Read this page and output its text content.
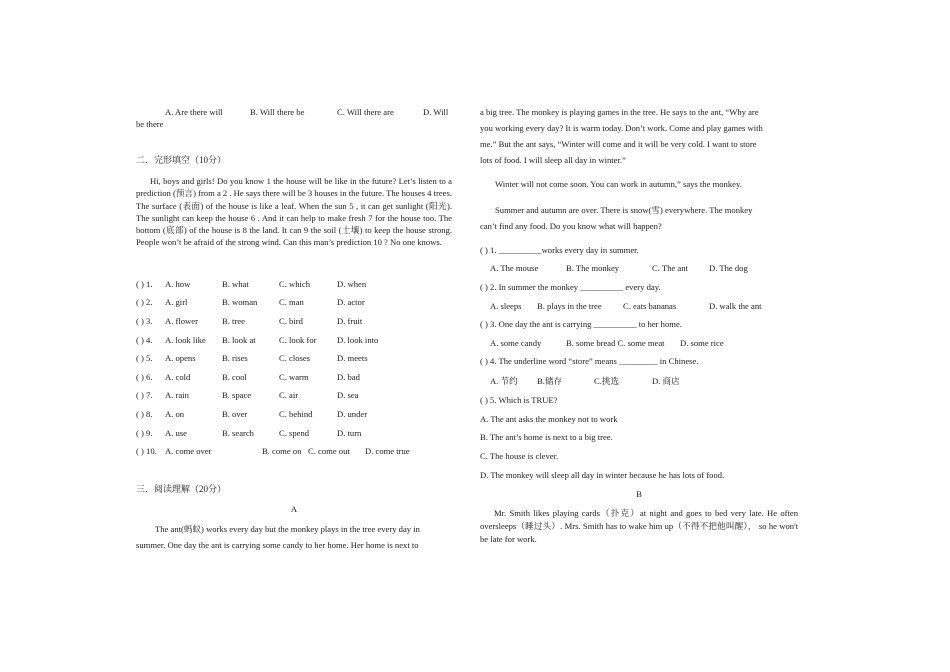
A. Are there will	B. Will there be	C. Will there are	D. Will
be there
二．完形填空（10分）
Hi, boys and girls! Do you know 1 the house will be like in the future? Let’s listen to a prediction (预言) from a 2 . He says there will be 3 houses in the future. The houses 4 trees. The surface (表面) of the house is like a leaf. When the sun 5 , it can get sunlight (阳光). The sunlight can keep the house 6 . And it can help to make fresh 7 for the house too. The bottom (底部) of the house is 8 the land. It can 9 the soil (土壤) to keep the house strong. People won’t be afraid of the strong wind. Can this man’s prediction 10 ? No one knows.
( ) 1. A. how	B. what	C. which	D. when
( ) 2. A. girl	B. woman	C. man	D. actor
( ) 3. A. flower	B. tree	C. bird	D. fruit
( ) 4. A. look like B. look at	C. look for D. look into
( ) 5. A. opens	B. rises	C. closes	D. meets
( ) 6. A. cold	B. cool	C. warm	D. bad
( ) 7. A. rain	B. space	C. air	D. sea
( ) 8. A. on	B. over	C. behind	D. under
( ) 9. A. use	B. search	C. spend	D. turn
( ) 10. A. come over	B. come on C. come out D. come true
三．阅读理解（20分）
A
The ant(蚂蚁) works every day but the monkey plays in the tree every day in
summer. One day the ant is carrying some candy to her home. Her home is next to
a big tree. The monkey is playing games in the tree. He says to the ant, “Why are
you working every day? It is warm today. Don’t work. Come and play games with
me.” But the ant says, “Winter will come and it will be very cold. I want to store
lots of food. I will sleep all day in winter.”
Winter will not come soon. You can work in autumn,” says the monkey.
Summer and autumn are over. There is snow(雪) everywhere. The monkey
can’t find any food. Do you know what will happen?
( ) 1. __________works every day in summer.
A. The mouse	B. The monkey	C. The ant D. The dog
( ) 2. In summer the monkey __________ every day.
A. sleeps B. plays in the tree C. eats bananas	D. walk the ant
( ) 3. One day the ant is carrying __________ to her home.
A. some candy	B. some bread C. some meat D. some rice
( ) 4. The underline word “store” means _________ in Chinese.
A. 节约 B.储存	C.挑选	D. 商店
( ) 5. Which is TRUE?
A. The ant asks the monkey not to work
B. The ant’s home is next to a big tree.
C. The house is clever.
D. The monkey will sleep all day in winter because he has lots of food.
B
Mr. Smith likes playing cards（扑克）at night and goes to bed very late. He often oversleeps（睡过头）. Mrs. Smith has to wake him up（不得不把他叫醒）， so he won't be late for work.
